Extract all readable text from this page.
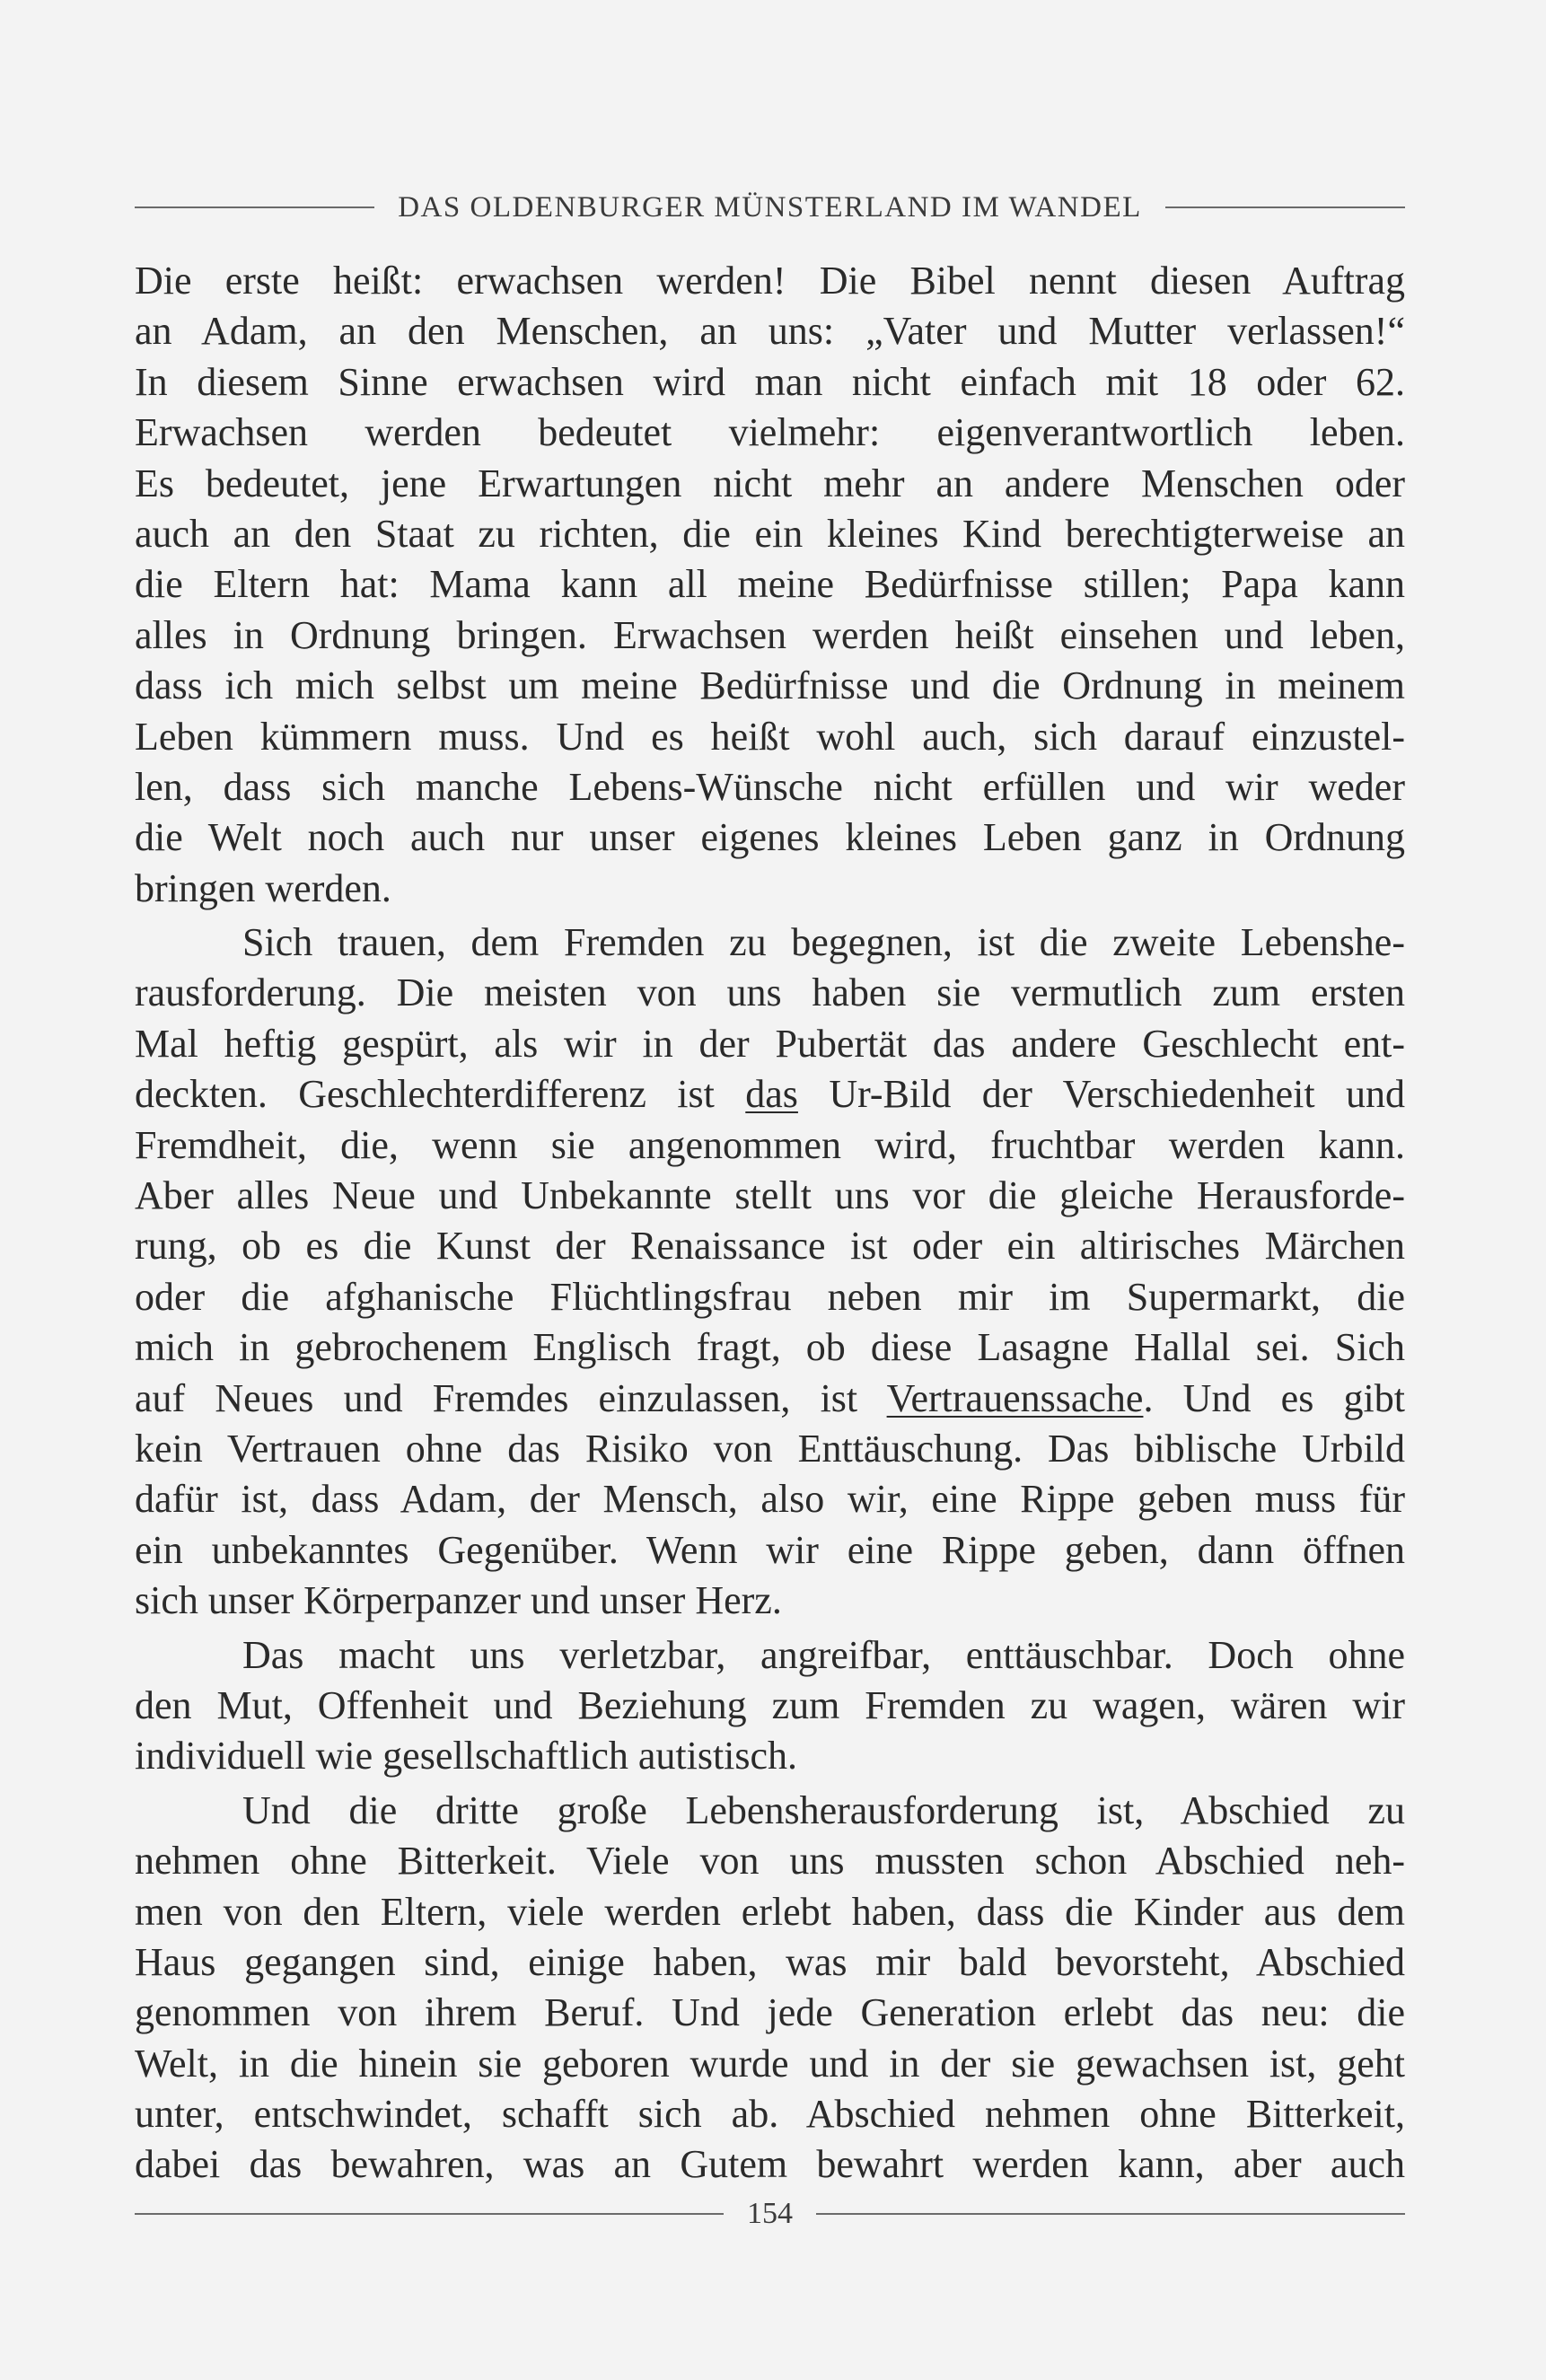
DAS OLDENBURGER MÜNSTERLAND IM WANDEL
Die erste heißt: erwachsen werden! Die Bibel nennt diesen Auftrag
an Adam, an den Menschen, an uns: „Vater und Mutter verlassen!“
In diesem Sinne erwachsen wird man nicht einfach mit 18 oder 62.
Erwachsen werden bedeutet vielmehr: eigenverantwortlich leben.
Es bedeutet, jene Erwartungen nicht mehr an andere Menschen oder
auch an den Staat zu richten, die ein kleines Kind berechtigterweise an
die Eltern hat: Mama kann all meine Bedürfnisse stillen; Papa kann
alles in Ordnung bringen. Erwachsen werden heißt einsehen und leben,
dass ich mich selbst um meine Bedürfnisse und die Ordnung in meinem
Leben kümmern muss. Und es heißt wohl auch, sich darauf einzustel-
len, dass sich manche Lebens-Wünsche nicht erfüllen und wir weder
die Welt noch auch nur unser eigenes kleines Leben ganz in Ordnung
bringen werden.
Sich trauen, dem Fremden zu begegnen, ist die zweite Lebenshe-
rausforderung. Die meisten von uns haben sie vermutlich zum ersten
Mal heftig gespürt, als wir in der Pubertät das andere Geschlecht ent-
deckten. Geschlechterdifferenz ist das Ur-Bild der Verschiedenheit und
Fremdheit, die, wenn sie angenommen wird, fruchtbar werden kann.
Aber alles Neue und Unbekannte stellt uns vor die gleiche Herausforde-
rung, ob es die Kunst der Renaissance ist oder ein altirisches Märchen
oder die afghanische Flüchtlingsfrau neben mir im Supermarkt, die
mich in gebrochenem Englisch fragt, ob diese Lasagne Hallal sei. Sich
auf Neues und Fremdes einzulassen, ist Vertrauenssache. Und es gibt
kein Vertrauen ohne das Risiko von Enttäuschung. Das biblische Urbild
dafür ist, dass Adam, der Mensch, also wir, eine Rippe geben muss für
ein unbekanntes Gegenüber. Wenn wir eine Rippe geben, dann öffnen
sich unser Körperpanzer und unser Herz.
Das macht uns verletzbar, angreifbar, enttäuschbar. Doch ohne
den Mut, Offenheit und Beziehung zum Fremden zu wagen, wären wir
individuell wie gesellschaftlich autistisch.
Und die dritte große Lebensherausforderung ist, Abschied zu
nehmen ohne Bitterkeit. Viele von uns mussten schon Abschied neh-
men von den Eltern, viele werden erlebt haben, dass die Kinder aus dem
Haus gegangen sind, einige haben, was mir bald bevorsteht, Abschied
genommen von ihrem Beruf. Und jede Generation erlebt das neu: die
Welt, in die hinein sie geboren wurde und in der sie gewachsen ist, geht
unter, entschwindet, schafft sich ab. Abschied nehmen ohne Bitterkeit,
dabei das bewahren, was an Gutem bewahrt werden kann, aber auch
154
